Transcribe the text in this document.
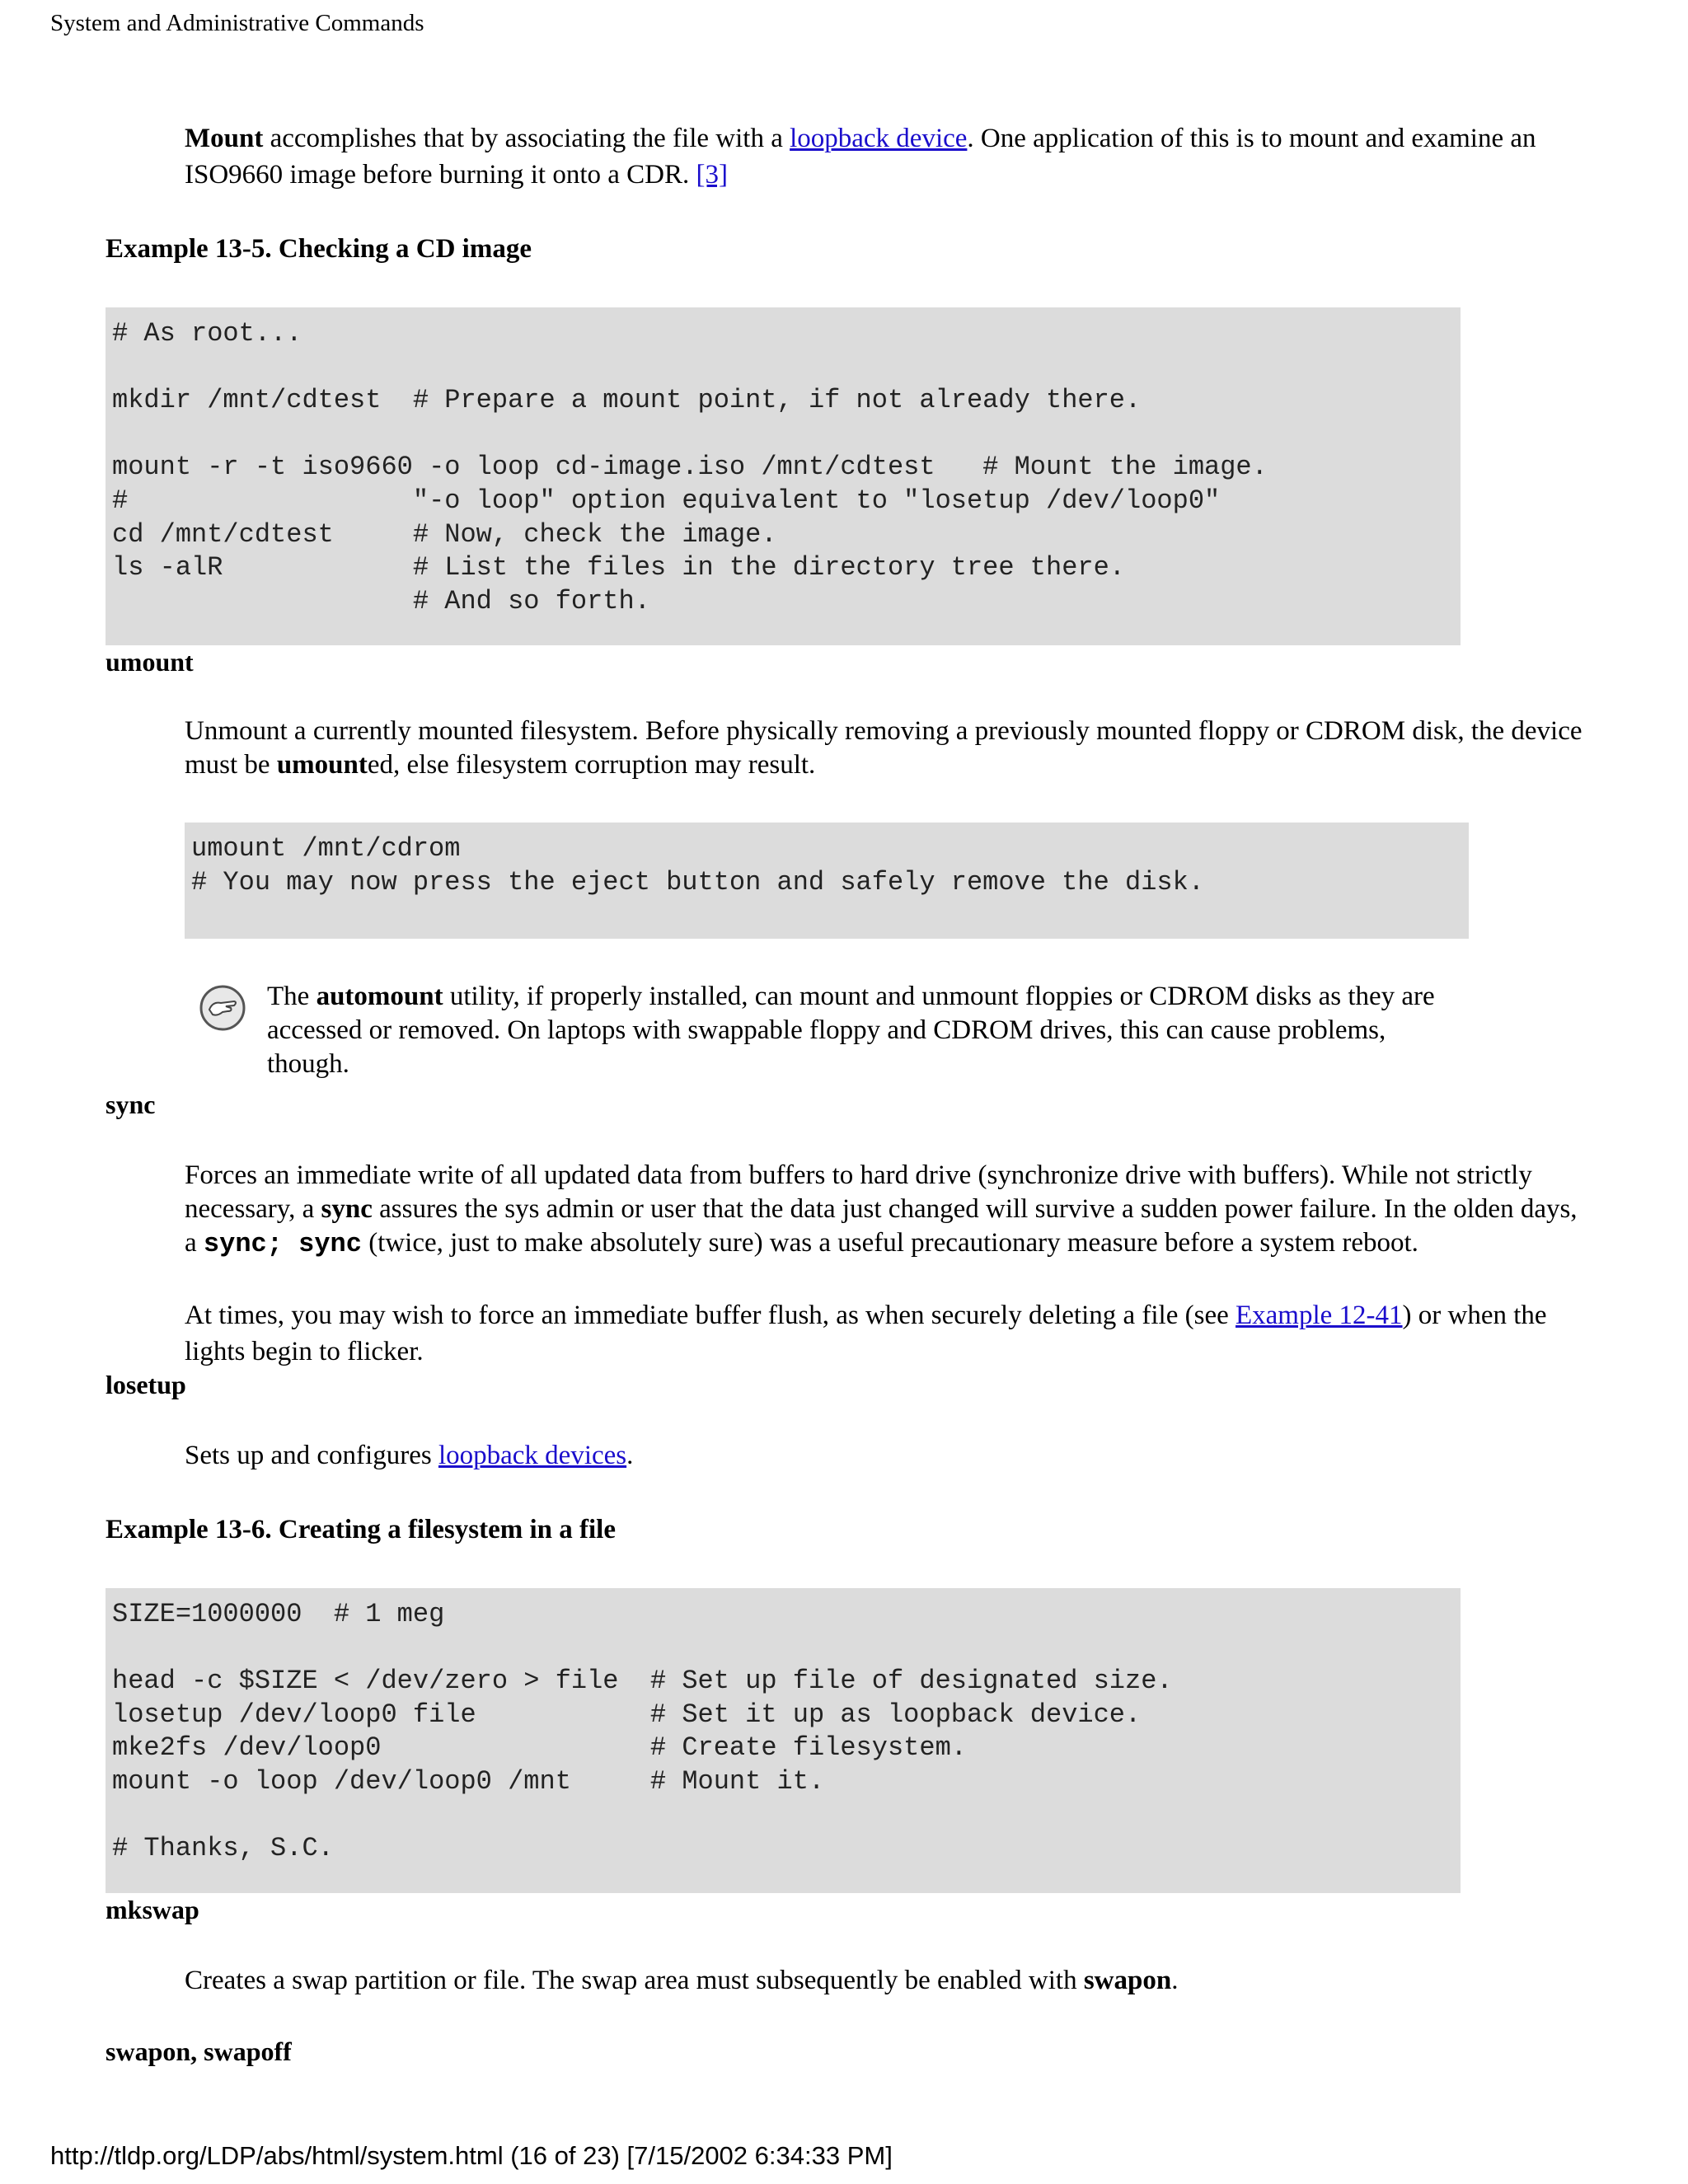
System and Administrative Commands
Mount accomplishes that by associating the file with a loopback device. One application of this is to mount and examine an ISO9660 image before burning it onto a CDR. [3]
Example 13-5. Checking a CD image
# As root...

mkdir /mnt/cdtest  # Prepare a mount point, if not already there.

mount -r -t iso9660 -o loop cd-image.iso /mnt/cdtest   # Mount the image.
#                  "-o loop" option equivalent to "losetup /dev/loop0"
cd /mnt/cdtest     # Now, check the image.
ls -alR            # List the files in the directory tree there.
# And so forth.
umount
Unmount a currently mounted filesystem. Before physically removing a previously mounted floppy or CDROM disk, the device must be umounted, else filesystem corruption may result.
umount /mnt/cdrom
# You may now press the eject button and safely remove the disk.
The automount utility, if properly installed, can mount and unmount floppies or CDROM disks as they are accessed or removed. On laptops with swappable floppy and CDROM drives, this can cause problems, though.
sync
Forces an immediate write of all updated data from buffers to hard drive (synchronize drive with buffers). While not strictly necessary, a sync assures the sys admin or user that the data just changed will survive a sudden power failure. In the olden days, a sync; sync (twice, just to make absolutely sure) was a useful precautionary measure before a system reboot.
At times, you may wish to force an immediate buffer flush, as when securely deleting a file (see Example 12-41) or when the lights begin to flicker.
losetup
Sets up and configures loopback devices.
Example 13-6. Creating a filesystem in a file
SIZE=1000000  # 1 meg

head -c $SIZE < /dev/zero > file  # Set up file of designated size.
losetup /dev/loop0 file           # Set it up as loopback device.
mke2fs /dev/loop0                 # Create filesystem.
mount -o loop /dev/loop0 /mnt     # Mount it.

# Thanks, S.C.
mkswap
Creates a swap partition or file. The swap area must subsequently be enabled with swapon.
swapon, swapoff
http://tldp.org/LDP/abs/html/system.html (16 of 23) [7/15/2002 6:34:33 PM]
